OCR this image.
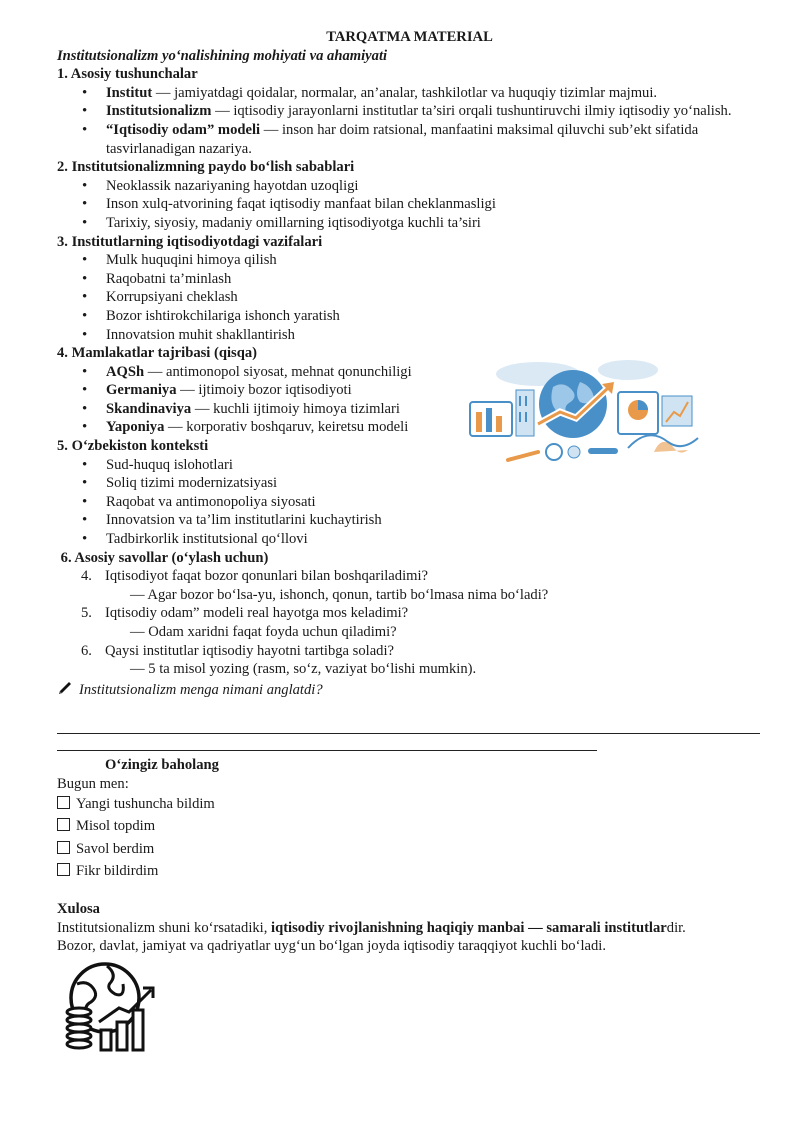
TARQATMA MATERIAL
Institutsionalizm yo‘nalishining mohiyati va ahamiyati
1. Asosiy tushunchalar
• Institut — jamiyatdagi qoidalar, normalar, an’analar, tashkilotlar va huquqiy tizimlar majmui.
• Institutsionalizm — iqtisodiy jarayonlarni institutlar ta’siri orqali tushuntiruvchi ilmiy iqtisodiy yo‘nalish.
• “Iqtisodiy odam” modeli — inson har doim ratsional, manfaatini maksimal qiluvchi sub’ekt sifatida tasvirlanadigan nazariya.
2. Institutsionalizmning paydo bo‘lish sabablari
• Neoklassik nazariyaning hayotdan uzoqligi
• Inson xulq-atvorining faqat iqtisodiy manfaat bilan cheklanmasligi
• Tarixiy, siyosiy, madaniy omillarning iqtisodiyotga kuchli ta’siri
3. Institutlarning iqtisodiyotdagi vazifalari
• Mulk huquqini himoya qilish
• Raqobatni ta’minlash
• Korrupsiyani cheklash
• Bozor ishtirokchilariga ishonch yaratish
• Innovatsion muhit shakllantirish
4. Mamlakatlar tajribasi (qisqa)
• AQSh — antimonopol siyosat, mehnat qonunchiligi
• Germaniya — ijtimoiy bozor iqtisodiyoti
• Skandinaviya — kuchli ijtimoiy himoya tizimlari
• Yaponiya — korporativ boshqaruv, keiretsu modeli
5. O‘zbekiston konteksti
• Sud-huquq islohotlari
• Soliq tizimi modernizatsiyasi
• Raqobat va antimonopoliya siyosati
• Innovatsion va ta’lim institutlarini kuchaytirish
• Tadbirkorlik institutsional qo‘llovi
6. Asosiy savollar (o‘ylash uchun)
4. Iqtisodiyot faqat bozor qonunlari bilan boshqariladimi?
— Agar bozor bo‘lsa-yu, ishonch, qonun, tartib bo‘lmasa nima bo‘ladi?
5. Iqtisodiy odam” modeli real hayotga mos keladimi?
— Odam xaridni faqat foyda uchun qiladimi?
6. Qaysi institutlar iqtisodiy hayotni tartibga soladi?
— 5 ta misol yozing (rasm, so‘z, vaziyat bo‘lishi mumkin).
Institutsionalizm menga nimani anglatdi?
O‘zingiz baholang
Bugun men:
Yangi tushuncha bildim
Misol topdim
Savol berdim
Fikr bildirdim
Xulosa
Institutsionalizm shuni ko‘rsatadiki, iqtisodiy rivojlanishning haqiqiy manbai — samarali institutlardir.
Bozor, davlat, jamiyat va qadriyatlar uyg‘un bo‘lgan joyda iqtisodiy taraqqiyot kuchli bo‘ladi.
